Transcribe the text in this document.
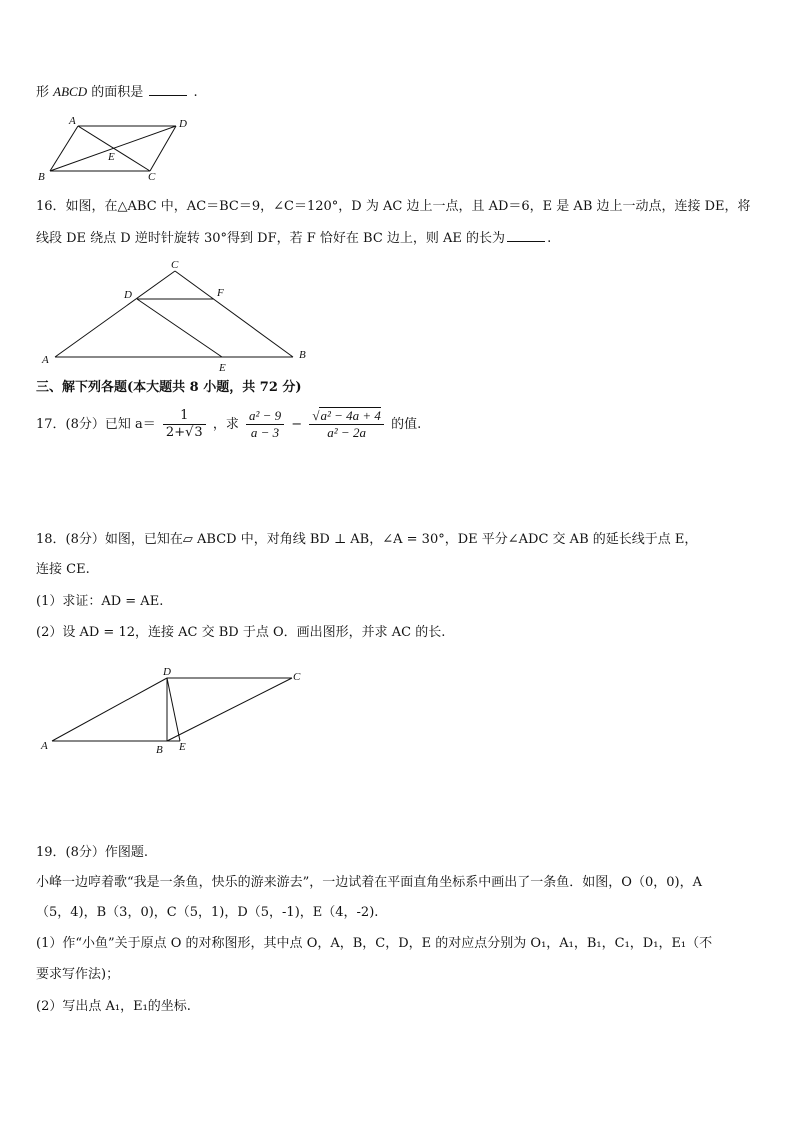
形 ABCD 的面积是	.
A	D
B	C
E
16．如图，在△ABC 中，AC＝BC＝9，∠C＝120°，D 为 AC 边上一点，且 AD＝6，E 是 AB 边上一动点，连接 DE，将
线段 DE 绕点 D 逆时针旋转 30°得到 DF，若 F 恰好在 BC 边上，则 AE 的长为	.
C
D	F
A
E
B
三、解下列各题(本大题共 8 小题，共 72 分)
17．(8分）已知 $a= \frac{1}{2+√3}$ ，求 $\frac{\text{a² − 9}}{a - 3} - \frac{\text{√a² − 4a + 4}}{\text{a² − 2a}}$ 的值.
18．(8分）如图，已知在▱ ABCD 中，对角线 BD ⊥ AB，∠A = 30°，DE 平分∠ADC 交 AB 的延长线于点 E，
连接 CE.
(1）求证：AD = AE.
(2）设 AD = 12，连接 AC 交 BD 于点 O．画出图形，并求 AC 的长.
D	C
A	B E
19．(8分）作图题.
小峰一边哼着歌“我是一条鱼，快乐的游来游去”，一边试着在平面直角坐标系中画出了一条鱼．如图，O（0，0)，A
（5，4)，B（3，0)，C（5，1)，D（5，-1)，E（4，-2).
(1）作“小鱼”关于原点 O 的对称图形，其中点 O，A，B，C，D，E 的对应点分别为 O₁，A₁，B₁，C₁，D₁，E₁（不
要求写作法)；
(2）写出点 A₁，E₁的坐标.
